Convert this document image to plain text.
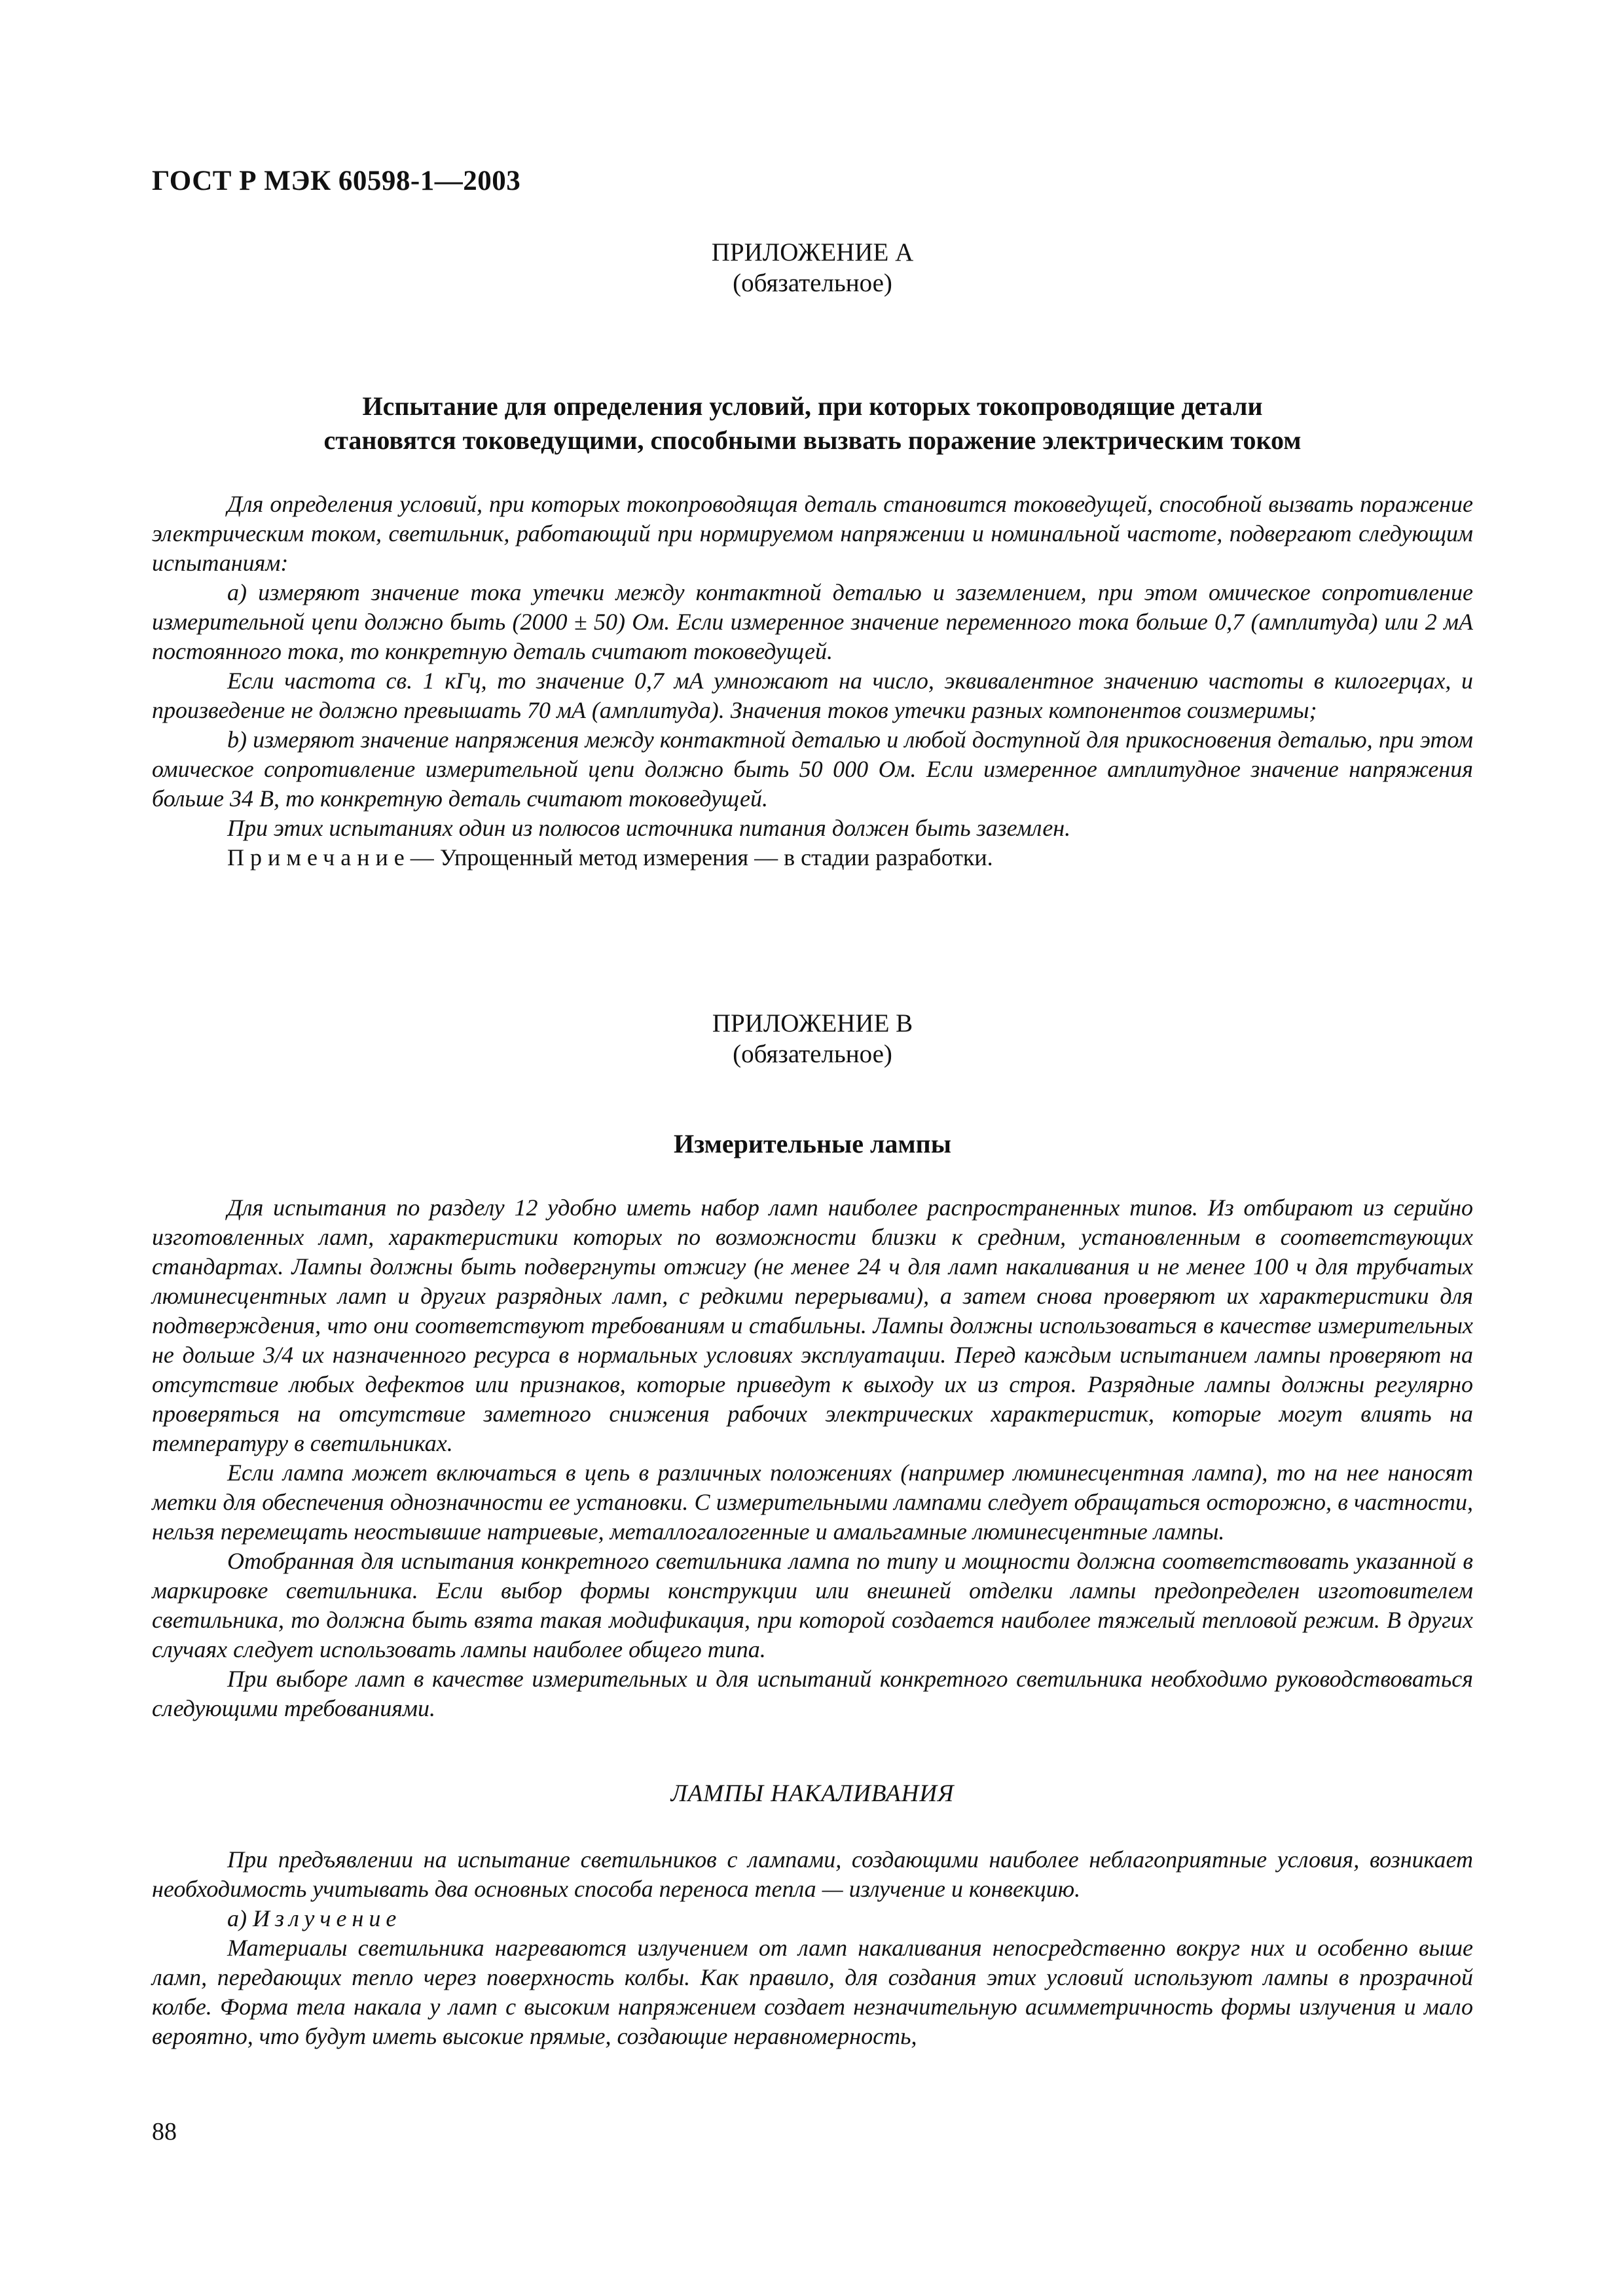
ГОСТ Р МЭК 60598-1—2003
ПРИЛОЖЕНИЕ А
(обязательное)
Испытание для определения условий, при которых токопроводящие детали
становятся токоведущими, способными вызвать поражение электрическим током

Для определения условий, при которых токопроводящая деталь становится токоведущей, способной вызвать поражение электрическим током, светильник, работающий при нормируемом напряжении и номинальной частоте, подвергают следующим испытаниям:

a) измеряют значение тока утечки между контактной деталью и заземлением, при этом омическое сопротивление измерительной цепи должно быть (2000 ± 50) Ом. Если измеренное значение переменного тока больше 0,7 (амплитуда) или 2 мА постоянного тока, то конкретную деталь считают токоведущей.

Если частота св. 1 кГц, то значение 0,7 мА умножают на число, эквивалентное значению частоты в килогерцах, и произведение не должно превышать 70 мА (амплитуда). Значения токов утечки разных компонентов соизмеримы;

b) измеряют значение напряжения между контактной деталью и любой доступной для прикосновения деталью, при этом омическое сопротивление измерительной цепи должно быть 50 000 Ом. Если измеренное амплитудное значение напряжения больше 34 В, то конкретную деталь считают токоведущей.

При этих испытаниях один из полюсов источника питания должен быть заземлен.

Примечание— Упрощенный метод измерения — в стадии разработки.

ПРИЛОЖЕНИЕ В
(обязательное)
Измерительные лампы

Для испытания по разделу 12 удобно иметь набор ламп наиболее распространенных типов. Из отбирают из серийно изготовленных ламп, характеристики которых по возможности близки к средним, установленным в соответствующих стандартах. Лампы должны быть подвергнуты отжигу (не менее 24 ч для ламп накаливания и не менее 100 ч для трубчатых люминесцентных ламп и других разрядных ламп, с редкими перерывами), а затем снова проверяют их характеристики для подтверждения, что они соответствуют требованиям и стабильны. Лампы должны использоваться в качестве измерительных не дольше 3/4 их назначенного ресурса в нормальных условиях эксплуатации. Перед каждым испытанием лампы проверяют на отсутствие любых дефектов или признаков, которые приведут к выходу их из строя. Разрядные лампы должны регулярно проверяться на отсутствие заметного снижения рабочих электрических характеристик, которые могут влиять на температуру в светильниках.

Если лампа может включаться в цепь в различных положениях (например люминесцентная лампа), то на нее наносят метки для обеспечения однозначности ее установки. С измерительными лампами следует обращаться осторожно, в частности, нельзя перемещать неостывшие натриевые, металлогалогенные и амальгамные люминесцентные лампы.

Отобранная для испытания конкретного светильника лампа по типу и мощности должна соответствовать указанной в маркировке светильника. Если выбор формы конструкции или внешней отделки лампы предопределен изготовителем светильника, то должна быть взята такая модификация, при которой создается наиболее тяжелый тепловой режим. В других случаях следует использовать лампы наиболее общего типа.

При выборе ламп в качестве измерительных и для испытаний конкретного светильника необходимо руководствоваться следующими требованиями.

ЛАМПЫ НАКАЛИВАНИЯ

При предъявлении на испытание светильников с лампами, создающими наиболее неблагоприятные условия, возникает необходимость учитывать два основных способа переноса тепла — излучение и конвекцию.

a) Излучение

Материалы светильника нагреваются излучением от ламп накаливания непосредственно вокруг них и особенно выше ламп, передающих тепло через поверхность колбы. Как правило, для создания этих условий используют лампы в прозрачной колбе. Форма тела накала у ламп с высоким напряжением создает незначительную асимметричность формы излучения и мало вероятно, что будут иметь высокие прямые, создающие неравномерность,

88
